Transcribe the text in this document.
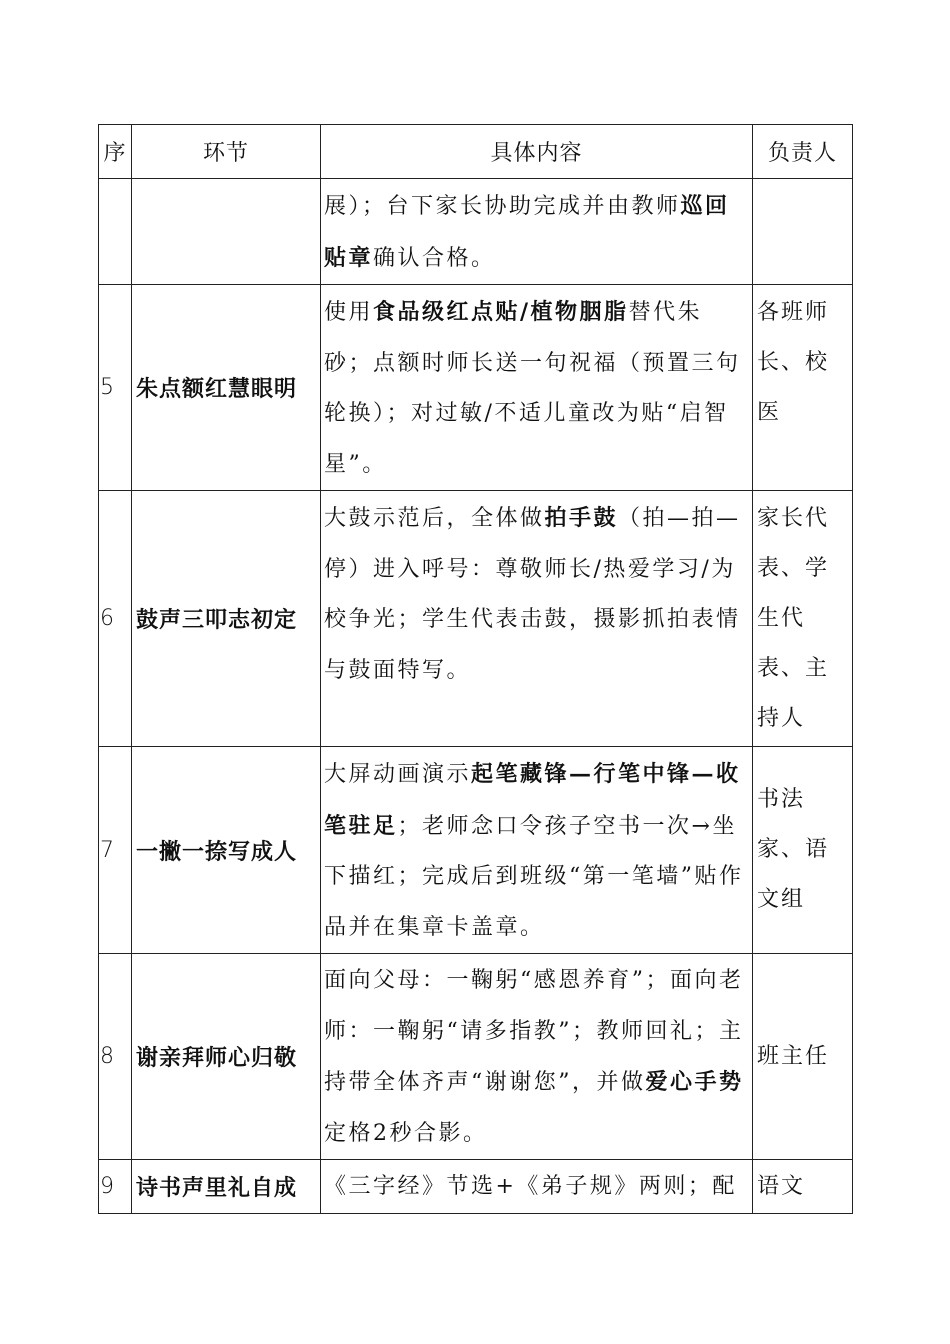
序	环节	具体内容	负责人
		展）；台下家长协助完成并由教师巡回贴章确认合格。	
5	朱点额红慧眼明	使用食品级红点贴/植物胭脂替代朱砂；点额时师长送一句祝福（预置三句轮换）；对过敏/不适儿童改为贴“启智星”。	各班师长、校医
6	鼓声三叩志初定	大鼓示范后，全体做拍手鼓（拍—拍—停）进入呼号：尊敬师长/热爱学习/为校争光；学生代表击鼓，摄影抓拍表情与鼓面特写。	家长代表、学生代表、主持人
7	一撇一捺写成人	大屏动画演示起笔藏锋—行笔中锋—收笔驻足；老师念口令孩子空书一次→坐下描红；完成后到班级“第一笔墙”贴作品并在集章卡盖章。	书法家、语文组
8	谢亲拜师心归敬	面向父母：一鞠躬“感恩养育”；面向老师：一鞠躬“请多指教”；教师回礼；主持带全体齐声“谢谢您”，并做爱心手势定格2秒合影。	班主任
9	诗书声里礼自成	《三字经》节选+《弟子规》两则；配	语文
